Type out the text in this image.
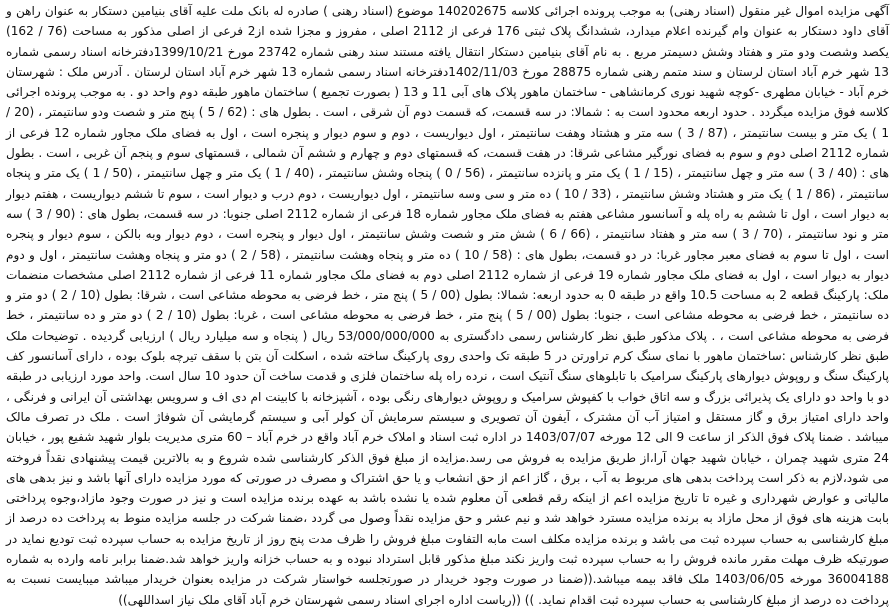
آگهی مزایده اموال غیر منقول (اسناد رهنی) به موجب پرونده اجرائی کلاسه 140202675 موضوع (اسناد رهنی ) صادره له بانک ملت علیه آقای بنیامین دستکار به عنوان راهن و آقای داود دستکار به عنوان وام گیرنده اعلام میدارد، ششدانگ پلاک ثبتی 176 فرعی از 2112 اصلی ، مفروز و مجزا شده از2 فرعی از اصلی مذکور به مساحت (76 / 162) یکصد وشصت ودو متر و هفتاد وشش دسیمتر مربع . به نام آقای بنیامین دستکار انتقال یافته مستند سند رهنی شماره 23742 مورخ 1399/10/21دفترخانه اسناد رسمی شماره 13 شهر خرم آباد استان لرستان و سند متمم رهنی شماره 28875 مورخ 1402/11/03دفترخانه اسناد رسمی شماره 13 شهر خرم آباد استان لرستان . آدرس ملک : شهرستان خرم آباد - خیابان مطهری -کوچه شهید نوری کرمانشاهی - ساختمان ماهور پلاک های آبی 11 و 13 ( بصورت تجمیع ) ساختمان ماهور طبقه دوم واحد دو . به موجب پرونده اجرائی کلاسه فوق مزایده میگردد . حدود اربعه محدود است به : شمالا: در سه قسمت، که قسمت دوم آن شرقی ، است . بطول های : (62 / 5 ) پنج متر و شصت ودو سانتیمتر ، (20 / 1 ) یک متر و بیست سانتیمتر ، (87 / 3 ) سه متر و هشتاد وهفت سانتیمتر ، اول دیواریست ، دوم و سوم دیوار و پنجره است ، اول به فضای ملک مجاور شماره 12 فرعی از شماره 2112 اصلی دوم و سوم به فضای نورگیر مشاعی شرقا: در هفت قسمت، که قسمتهای دوم و چهارم و ششم آن شمالی ، قسمتهای سوم و پنجم آن غربی ، است . بطول های : (40 / 3 ) سه متر و چهل سانتیمتر ، (15 / 1 ) یک متر و پانزده سانتیمتر ، (56 / 0 ) پنجاه وشش سانتیمتر ، (40 / 1 ) یک متر و چهل سانتیمتر ، (50 / 1 ) یک متر و پنجاه سانتیمتر ، (86 / 1 ) یک متر و هشتاد وشش سانتیمتر ، (33 / 10 ) ده متر و سی وسه سانتیمتر ، اول دیواریست ، دوم درب و دیوار است ، سوم تا ششم دیواریست ، هفتم دیوار به دیوار است ، اول تا ششم به راه پله و آسانسور مشاعی هفتم به فضای ملک مجاور شماره 18 فرعی از شماره 2112 اصلی جنوبا: در سه قسمت، بطول های : (90 / 3 ) سه متر و نود سانتیمتر ، (70 / 3 ) سه متر و هفتاد سانتیمتر ، (66 / 6 ) شش متر و شصت وشش سانتیمتر ، اول دیوار و پنجره است ، دوم دیوار وبه بالکن ، سوم دیوار و پنجره است ، اول تا سوم به فضای معبر مجاور غربا: در دو قسمت، بطول های : (58 / 10 ) ده متر و پنجاه وهشت سانتیمتر ، (58 / 2 ) دو متر و پنجاه وهشت سانتیمتر ، اول و دوم دیوار به دیوار است ، اول به فضای ملک مجاور شماره 19 فرعی از شماره 2112 اصلی دوم به فضای ملک مجاور شماره 11 فرعی از شماره 2112 اصلی مشخصات منضمات ملک: پارکینگ قطعه 2 به مساحت 10.5 واقع در طبقه 0 به حدود اربعه: شمالا: بطول (00 / 5 ) پنج متر ، خط فرضی به محوطه مشاعی است ، شرقا: بطول (10 / 2 ) دو متر و ده سانتیمتر ، خط فرضی به محوطه مشاعی است ، جنوبا: بطول (00 / 5 ) پنج متر ، خط فرضی به محوطه مشاعی است ، غربا: بطول (10 / 2 ) دو متر و ده سانتیمتر ، خط فرضی به محوطه مشاعی است ، . پلاک مذکور طبق نظر کارشناس رسمی دادگستری به 53/000/000/000 ریال ( پنجاه و سه میلیارد ریال ) ارزیابی گردیده . توضیحات ملک طبق نظر کارشناس :ساختمان ماهور با نمای سنگ کرم تراورتن در 5 طبقه تک واحدی روی پارکینگ ساخته شده ، اسکلت آن بتن با سقف تیرچه بلوک بوده ، دارای آسانسور کف پارکینگ سنگ و روپوش دیوارهای پارکینگ سرامیک با تابلوهای سنگ آنتیک است ، نرده راه پله ساختمان فلزی و قدمت ساخت آن حدود 10 سال است. واحد مورد ارزیابی در طبقه دو با واحد دو دارای یک پذیرائی بزرگ و سه اتاق خواب با کفپوش سرامیک و روپوش دیوارهای رنگی بوده ، آشپزخانه با کابینت ام دی اف و سرویس بهداشتی آن ایرانی و فرنگی ، واحد دارای امتیاز برق و گاز مستقل و امتیاز آب آن مشترک ، آیفون آن تصویری و سیستم سرمایش آن کولر آبی و سیستم گرمایشی آن شوفاژ است . ملک در تصرف مالک میباشد . ضمنا پلاک فوق الذکر از ساعت 9 الی 12 مورخه 1403/07/07 در اداره ثبت اسناد و املاک خرم آباد واقع در خرم آباد – 60 متری مدیریت بلوار شهید شفیع پور ، خیابان 24 متری شهید چمران ، خیابان شهید جهان آرا،از طریق مزایده به فروش می رسد.مزایده از مبلغ فوق الذکر کارشناسی شده شروع و به بالاترین قیمت پیشنهادی نقداً فروخته می شود،لازم به ذکر است پرداخت بدهی های مربوط به آب ، برق ، گاز اعم از حق انشعاب و یا حق اشتراک و مصرف در صورتی که مورد مزایده دارای آنها باشد و نیز بدهی های مالیاتی و عوارض شهرداری و غیره تا تاریخ مزایده اعم از اینکه رقم قطعی آن معلوم شده یا نشده باشد به عهده برنده مزایده است و نیز در صورت وجود مازاد،وجوه پرداختی بابت هزینه های فوق از محل مازاد به برنده مزایده مسترد خواهد شد و نیم عشر و حق مزایده نقداً وصول می گردد ،ضمنا شرکت در جلسه مزایده منوط به پرداخت ده درصد از مبلغ کارشناسی به حساب سپرده ثبت می باشد و برنده مزایده مکلف است مابه التفاوت مبلغ فروش را ظرف مدت پنج روز از تاریخ مزایده به حساب سپرده ثبت تودیع نماید در صورتیکه ظرف مهلت مقرر مانده فروش را به حساب سپرده ثبت واریز نکند مبلغ مذکور قابل استرداد نبوده و به حساب خزانه واریز خواهد شد.ضمنا برابر نامه وارده به شماره 36004188 مورخه 1403/06/05 ملک فاقد بیمه میباشد.((ضمنا در صورت وجود خریدار در صورتجلسه خواستار شرکت در مزایده بعنوان خریدار میباشد میبایست نسبت به پرداخت ده درصد از مبلغ کارشناسی به حساب سپرده ثبت اقدام نماید. )) ((ریاست اداره اجرای اسناد رسمی شهرستان خرم آباد آقای ملک نیاز اسداللهی))
